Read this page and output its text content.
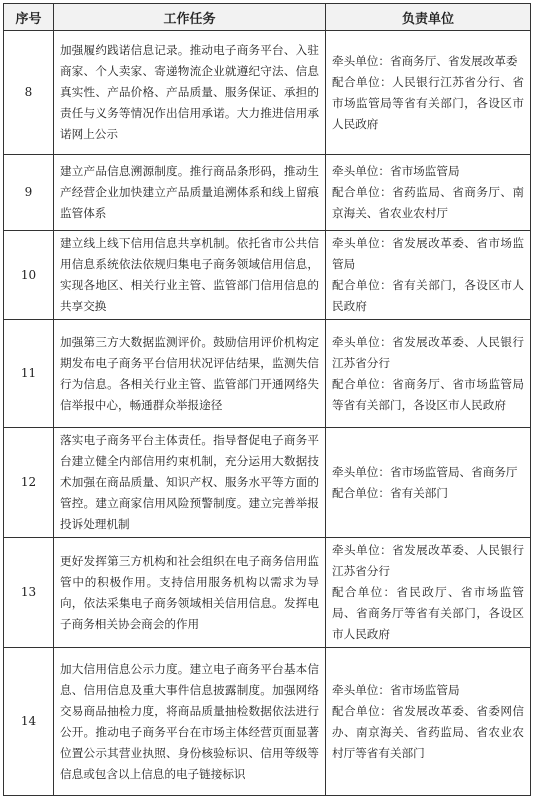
序号	工作任务	负责单位
8	加强履约践诺信息记录。推动电子商务平台、入驻商家、个人卖家、寄递物流企业就遵纪守法、信息真实性、产品价格、产品质量、服务保证、承担的责任与义务等情况作出信用承诺。大力推进信用承诺网上公示	牵头单位：省商务厅、省发展改革委
配合单位：人民银行江苏省分行、省市场监管局等省有关部门，各设区市人民政府

9	建立产品信息溯源制度。推行商品条形码，推动生产经营企业加快建立产品质量追溯体系和线上留痕监管体系	牵头单位：省市场监管局
配合单位：省药监局、省商务厅、南京海关、省农业农村厅

10	建立线上线下信用信息共享机制。依托省市公共信用信息系统依法依规归集电子商务领域信用信息，实现各地区、相关行业主管、监管部门信用信息的共享交换	牵头单位：省发展改革委、省市场监管局
配合单位：省有关部门，各设区市人民政府

11	加强第三方大数据监测评价。鼓励信用评价机构定期发布电子商务平台信用状况评估结果，监测失信行为信息。各相关行业主管、监管部门开通网络失信举报中心，畅通群众举报途径	牵头单位：省发展改革委、人民银行江苏省分行
配合单位：省商务厅、省市场监管局等省有关部门，各设区市人民政府

12	落实电子商务平台主体责任。指导督促电子商务平台建立健全内部信用约束机制，充分运用大数据技术加强在商品质量、知识产权、服务水平等方面的管控。建立商家信用风险预警制度。建立完善举报投诉处理机制	牵头单位：省市场监管局、省商务厅
配合单位：省有关部门

13	更好发挥第三方机构和社会组织在电子商务信用监管中的积极作用。支持信用服务机构以需求为导向，依法采集电子商务领域相关信用信息。发挥电子商务相关协会商会的作用	牵头单位：省发展改革委、人民银行江苏省分行
配合单位：省民政厅、省市场监管局、省商务厅等省有关部门，各设区市人民政府

14	加大信用信息公示力度。建立电子商务平台基本信息、信用信息及重大事件信息披露制度。加强网络交易商品抽检力度，将商品质量抽检数据依法进行公开。推动电子商务平台在市场主体经营页面显著位置公示其营业执照、身份核验标识、信用等级等信息或包含以上信息的电子链接标识	牵头单位：省市场监管局
配合单位：省发展改革委、省委网信办、南京海关、省药监局、省农业农村厅等省有关部门
